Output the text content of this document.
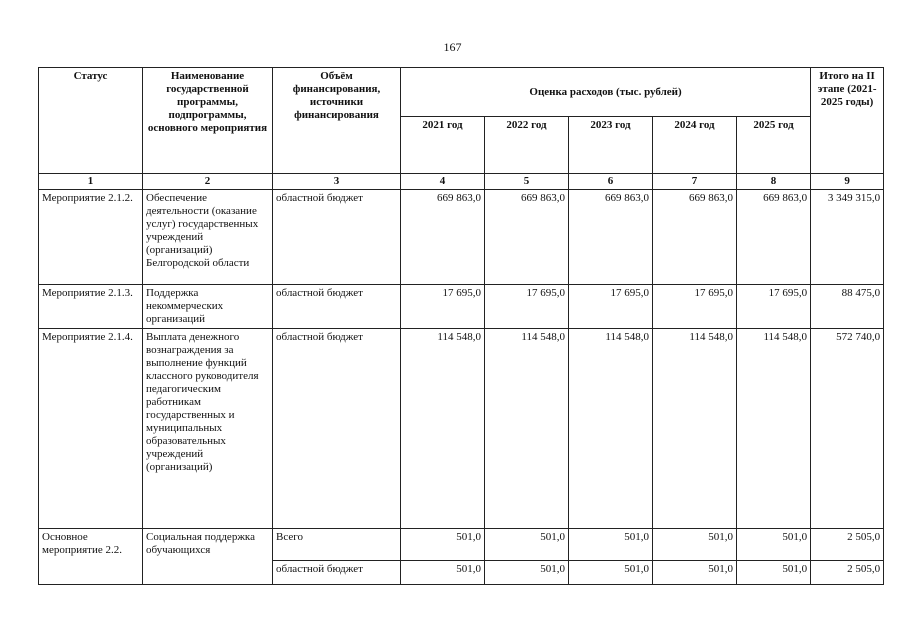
167
Статус	Наименование государственной программы, подпрограммы, основного мероприятия	Объём финансирования, источники финансирования	Оценка расходов (тыс. рублей)					Итого на II этапе (2021-2025 годы)
			2021 год	2022 год	2023 год	2024 год	2025 год	
1	2	3	4	5	6	7	8	9
Мероприятие 2.1.2.	Обеспечение деятельности (оказание услуг) государственных учреждений (организаций) Белгородской области	областной бюджет	669 863,0	669 863,0	669 863,0	669 863,0	669 863,0	3 349 315,0
Мероприятие 2.1.3.	Поддержка некоммерческих организаций	областной бюджет	17 695,0	17 695,0	17 695,0	17 695,0	17 695,0	88 475,0
Мероприятие 2.1.4.	Выплата денежного вознаграждения за выполнение функций классного руководителя педагогическим работникам государственных и муниципальных образовательных учреждений (организаций)	областной бюджет	114 548,0	114 548,0	114 548,0	114 548,0	114 548,0	572 740,0
Основное мероприятие 2.2.	Социальная поддержка обучающихся	Всего	501,0	501,0	501,0	501,0	501,0	2 505,0
		областной бюджет	501,0	501,0	501,0	501,0	501,0	2 505,0
